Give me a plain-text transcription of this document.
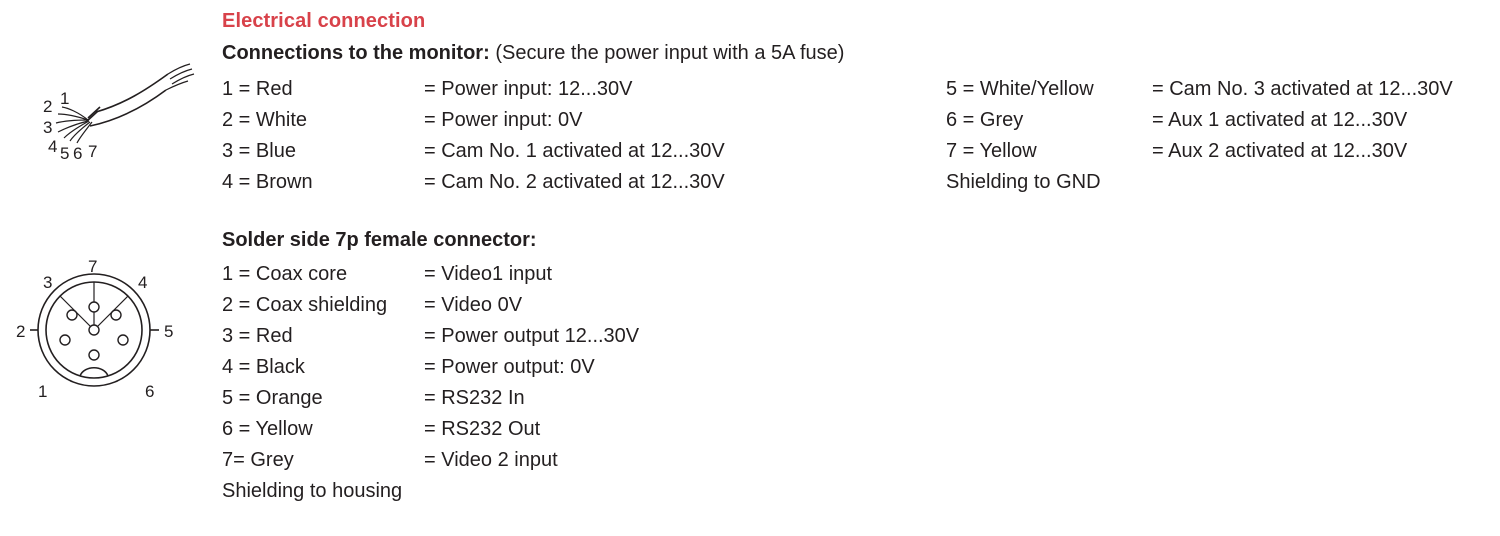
1
2
3
4 5 6 7
7
3	4
2	5
1	6
Electrical connection
Connections to the monitor: (Secure the power input with a 5A fuse)
1 = Red	= Power input: 12...30V
2 = White	= Power input: 0V
3 = Blue	= Cam No. 1 activated at 12...30V
4 = Brown	= Cam No. 2 activated at 12...30V
5 = White/Yellow	= Cam No. 3 activated at 12...30V
6 = Grey	= Aux 1 activated at 12...30V
7 = Yellow	= Aux 2 activated at 12...30V
Shielding to GND
Solder side 7p female connector:
1 = Coax core	= Video1 input
2 = Coax shielding	= Video 0V
3 = Red	= Power output 12...30V
4 = Black	= Power output: 0V
5 = Orange	= RS232 In
6 = Yellow	= RS232 Out
7= Grey	= Video 2 input
Shielding to housing
